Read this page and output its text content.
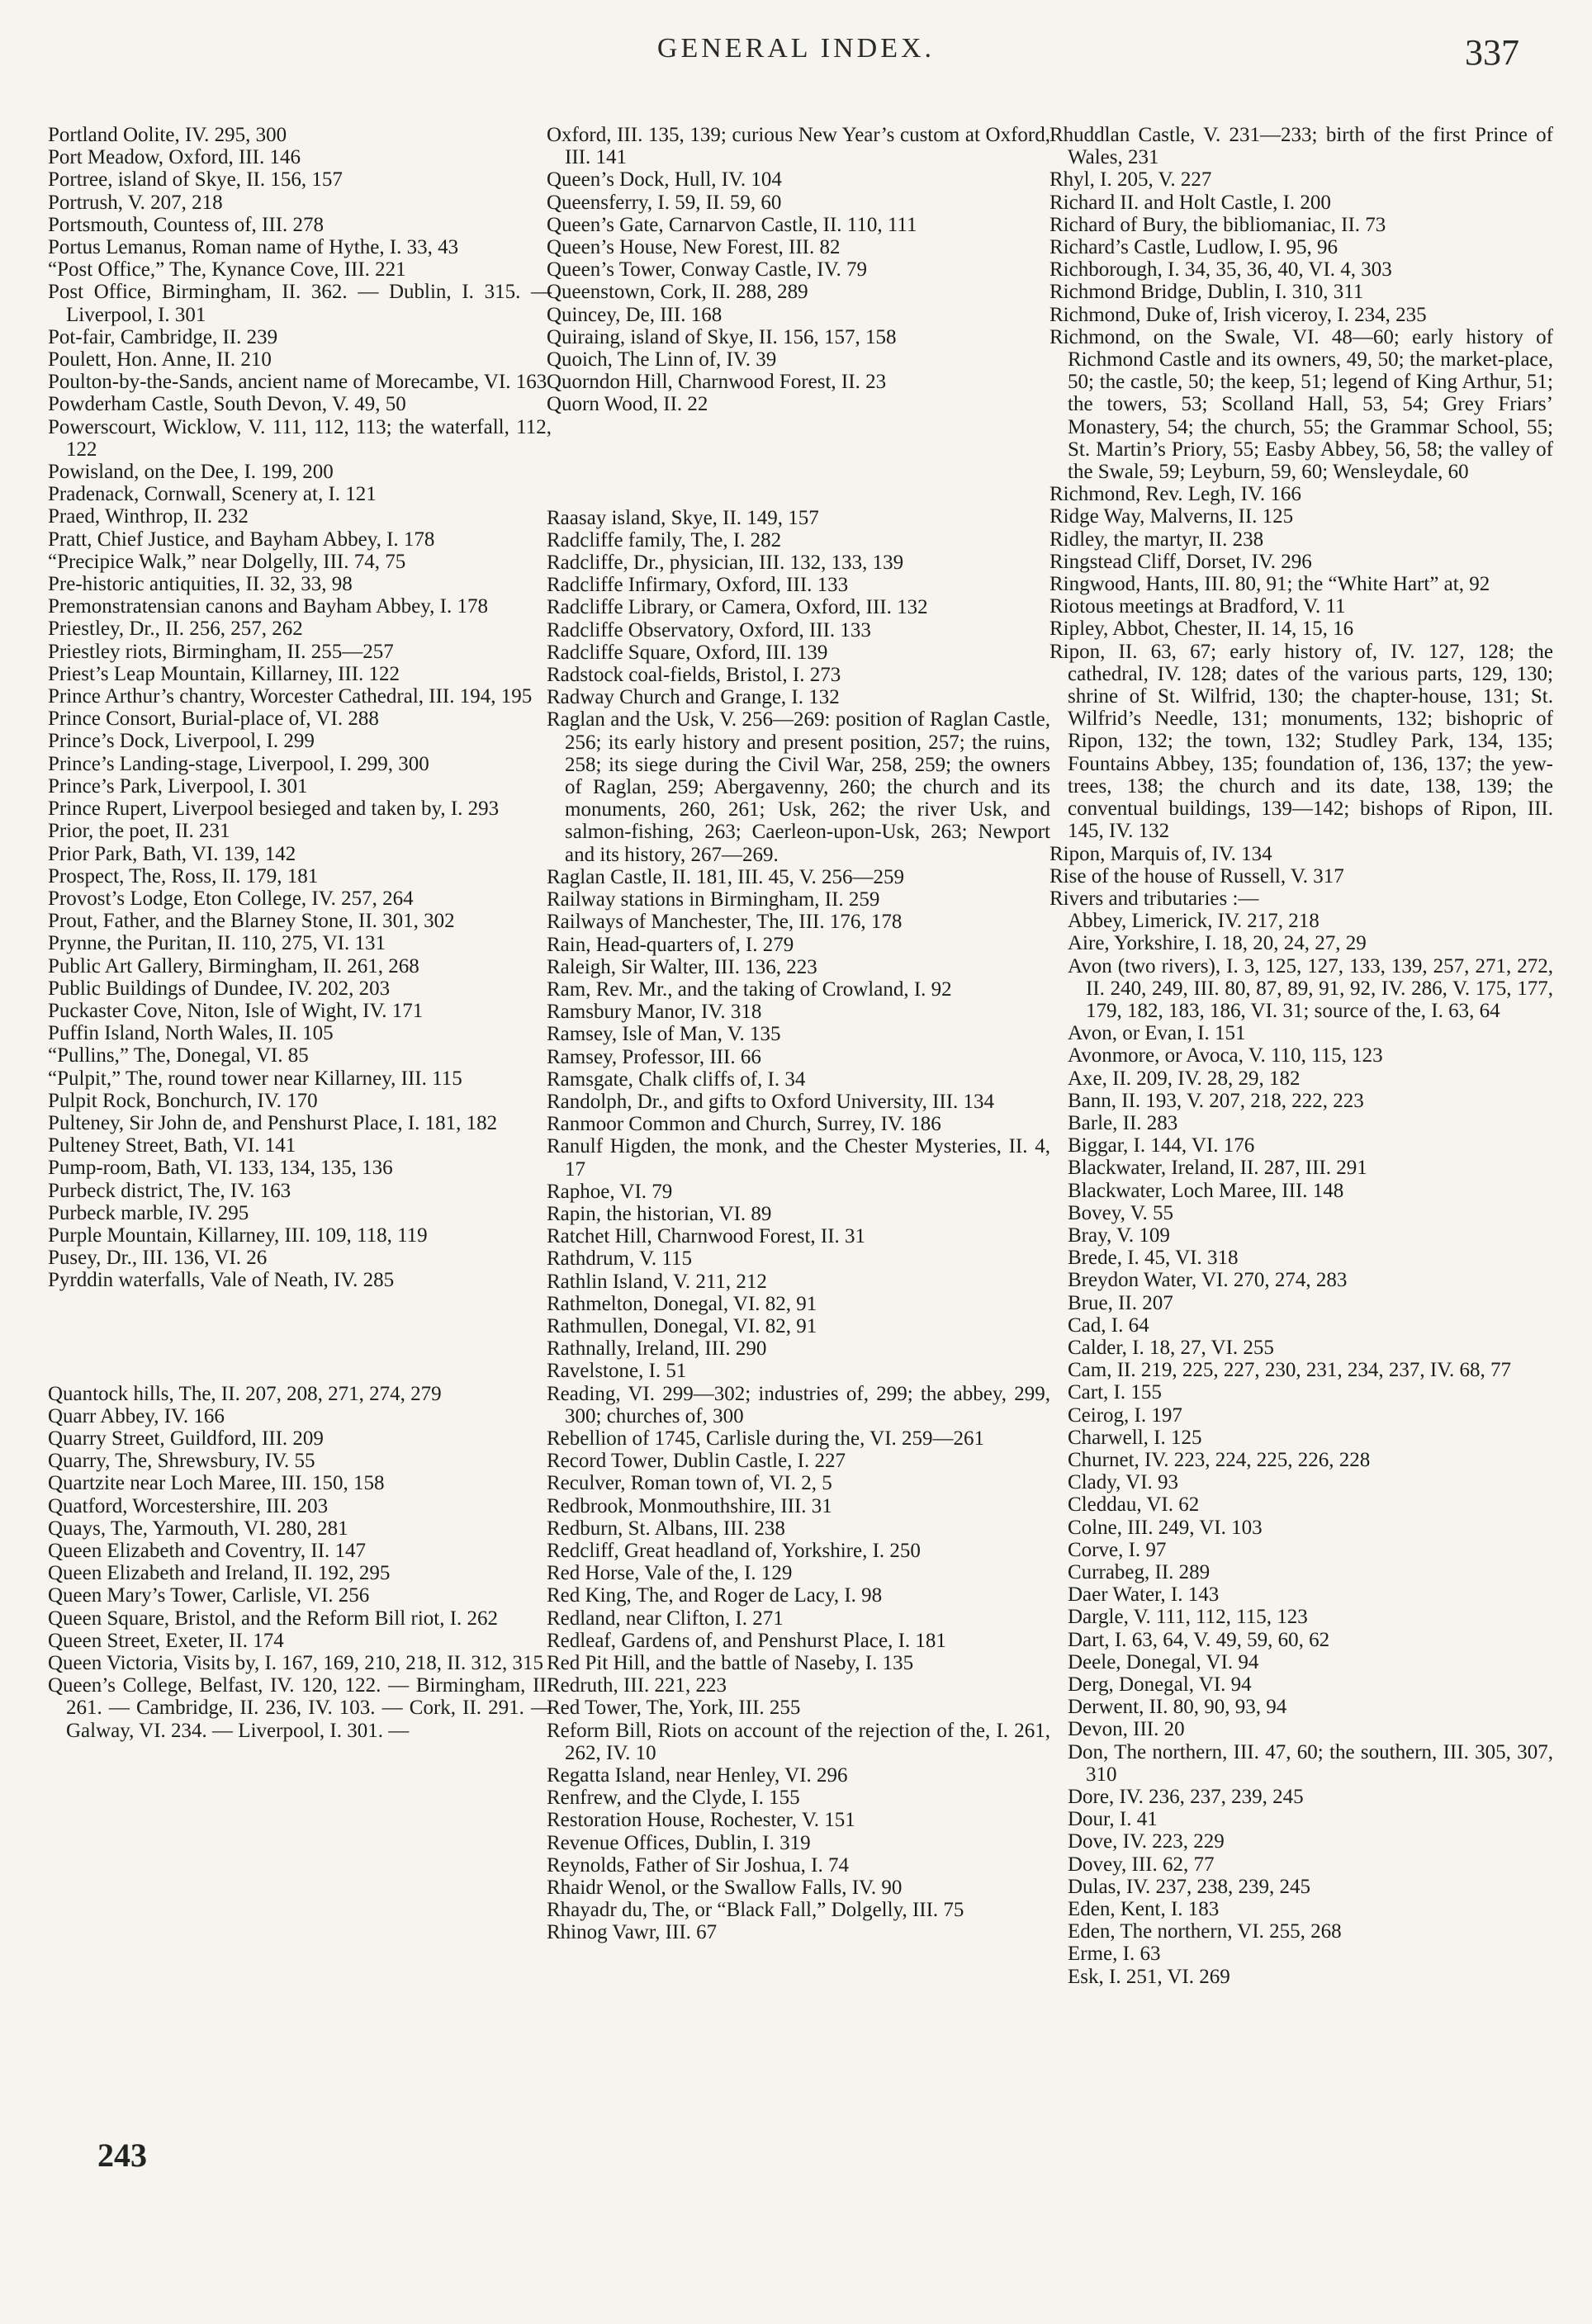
GENERAL INDEX.	337

Portland Oolite, IV. 295, 300

Port Meadow, Oxford, III. 146

Portree, island of Skye, II. 156, 157

Portrush, V. 207, 218

Portsmouth, Countess of, III. 278

Portus Lemanus, Roman name of Hythe, I. 33, 43

“Post Office,” The, Kynance Cove, III. 221

Post Office, Birmingham, II. 362. — Dublin, I. 315. — Liverpool, I. 301

Pot-fair, Cambridge, II. 239

Poulett, Hon. Anne, II. 210

Poulton-by-the-Sands, ancient name of Morecambe, VI. 163

Powderham Castle, South Devon, V. 49, 50

Powerscourt, Wicklow, V. 111, 112, 113; the waterfall, 112, 122

Powisland, on the Dee, I. 199, 200

Pradenack, Cornwall, Scenery at, I. 121

Praed, Winthrop, II. 232

Pratt, Chief Justice, and Bayham Abbey, I. 178

“Precipice Walk,” near Dolgelly, III. 74, 75

Pre-historic antiquities, II. 32, 33, 98

Premonstratensian canons and Bayham Abbey, I. 178

Priestley, Dr., II. 256, 257, 262

Priestley riots, Birmingham, II. 255—257

Priest’s Leap Mountain, Killarney, III. 122

Prince Arthur’s chantry, Worcester Cathedral, III. 194, 195

Prince Consort, Burial-place of, VI. 288

Prince’s Dock, Liverpool, I. 299

Prince’s Landing-stage, Liverpool, I. 299, 300

Prince’s Park, Liverpool, I. 301

Prince Rupert, Liverpool besieged and taken by, I. 293

Prior, the poet, II. 231

Prior Park, Bath, VI. 139, 142

Prospect, The, Ross, II. 179, 181

Provost’s Lodge, Eton College, IV. 257, 264

Prout, Father, and the Blarney Stone, II. 301, 302

Prynne, the Puritan, II. 110, 275, VI. 131

Public Art Gallery, Birmingham, II. 261, 268

Public Buildings of Dundee, IV. 202, 203

Puckaster Cove, Niton, Isle of Wight, IV. 171

Puffin Island, North Wales, II. 105

“Pullins,” The, Donegal, VI. 85

“Pulpit,” The, round tower near Killarney, III. 115

Pulpit Rock, Bonchurch, IV. 170

Pulteney, Sir John de, and Penshurst Place, I. 181, 182

Pulteney Street, Bath, VI. 141

Pump-room, Bath, VI. 133, 134, 135, 136

Purbeck district, The, IV. 163

Purbeck marble, IV. 295

Purple Mountain, Killarney, III. 109, 118, 119

Pusey, Dr., III. 136, VI. 26

Pyrddin waterfalls, Vale of Neath, IV. 285

Quantock hills, The, II. 207, 208, 271, 274, 279

Quarr Abbey, IV. 166

Quarry Street, Guildford, III. 209

Quarry, The, Shrewsbury, IV. 55

Quartzite near Loch Maree, III. 150, 158

Quatford, Worcestershire, III. 203

Quays, The, Yarmouth, VI. 280, 281

Queen Elizabeth and Coventry, II. 147

Queen Elizabeth and Ireland, II. 192, 295

Queen Mary’s Tower, Carlisle, VI. 256

Queen Square, Bristol, and the Reform Bill riot, I. 262

Queen Street, Exeter, II. 174

Queen Victoria, Visits by, I. 167, 169, 210, 218, II. 312, 315

Queen’s College, Belfast, IV. 120, 122. — Birmingham, II. 261. — Cambridge, II. 236, IV. 103. — Cork, II. 291. — Galway, VI. 234. — Liverpool, I. 301. —

Oxford, III. 135, 139; curious New Year’s custom at Oxford, III. 141

Queen’s Dock, Hull, IV. 104

Queensferry, I. 59, II. 59, 60

Queen’s Gate, Carnarvon Castle, II. 110, 111

Queen’s House, New Forest, III. 82

Queen’s Tower, Conway Castle, IV. 79

Queenstown, Cork, II. 288, 289

Quincey, De, III. 168

Quiraing, island of Skye, II. 156, 157, 158

Quoich, The Linn of, IV. 39

Quorndon Hill, Charnwood Forest, II. 23

Quorn Wood, II. 22

Raasay island, Skye, II. 149, 157

Radcliffe family, The, I. 282

Radcliffe, Dr., physician, III. 132, 133, 139

Radcliffe Infirmary, Oxford, III. 133

Radcliffe Library, or Camera, Oxford, III. 132

Radcliffe Observatory, Oxford, III. 133

Radcliffe Square, Oxford, III. 139

Radstock coal-fields, Bristol, I. 273

Radway Church and Grange, I. 132

Raglan and the Usk, V. 256—269: position of Raglan Castle, 256; its early history and present position, 257; the ruins, 258; its siege during the Civil War, 258, 259; the owners of Raglan, 259; Abergavenny, 260; the church and its monuments, 260, 261; Usk, 262; the river Usk, and salmon-fishing, 263; Caerleon-upon-Usk, 263; Newport and its history, 267—269.

Raglan Castle, II. 181, III. 45, V. 256—259

Railway stations in Birmingham, II. 259

Railways of Manchester, The, III. 176, 178

Rain, Head-quarters of, I. 279

Raleigh, Sir Walter, III. 136, 223

Ram, Rev. Mr., and the taking of Crowland, I. 92

Ramsbury Manor, IV. 318

Ramsey, Isle of Man, V. 135

Ramsey, Professor, III. 66

Ramsgate, Chalk cliffs of, I. 34

Randolph, Dr., and gifts to Oxford University, III. 134

Ranmoor Common and Church, Surrey, IV. 186

Ranulf Higden, the monk, and the Chester Mysteries, II. 4, 17

Raphoe, VI. 79

Rapin, the historian, VI. 89

Ratchet Hill, Charnwood Forest, II. 31

Rathdrum, V. 115

Rathlin Island, V. 211, 212

Rathmelton, Donegal, VI. 82, 91

Rathmullen, Donegal, VI. 82, 91

Rathnally, Ireland, III. 290

Ravelstone, I. 51

Reading, VI. 299—302; industries of, 299; the abbey, 299, 300; churches of, 300

Rebellion of 1745, Carlisle during the, VI. 259—261

Record Tower, Dublin Castle, I. 227

Reculver, Roman town of, VI. 2, 5

Redbrook, Monmouthshire, III. 31

Redburn, St. Albans, III. 238

Redcliff, Great headland of, Yorkshire, I. 250

Red Horse, Vale of the, I. 129

Red King, The, and Roger de Lacy, I. 98

Redland, near Clifton, I. 271

Redleaf, Gardens of, and Penshurst Place, I. 181

Red Pit Hill, and the battle of Naseby, I. 135

Redruth, III. 221, 223

Red Tower, The, York, III. 255

Reform Bill, Riots on account of the rejection of the, I. 261, 262, IV. 10

Regatta Island, near Henley, VI. 296

Renfrew, and the Clyde, I. 155

Restoration House, Rochester, V. 151

Revenue Offices, Dublin, I. 319

Reynolds, Father of Sir Joshua, I. 74

Rhaidr Wenol, or the Swallow Falls, IV. 90

Rhayadr du, The, or “Black Fall,” Dolgelly, III. 75

Rhinog Vawr, III. 67

Rhuddlan Castle, V. 231—233; birth of the first Prince of Wales, 231

Rhyl, I. 205, V. 227

Richard II. and Holt Castle, I. 200

Richard of Bury, the bibliomaniac, II. 73

Richard’s Castle, Ludlow, I. 95, 96

Richborough, I. 34, 35, 36, 40, VI. 4, 303

Richmond Bridge, Dublin, I. 310, 311

Richmond, Duke of, Irish viceroy, I. 234, 235

Richmond, on the Swale, VI. 48—60; early history of Richmond Castle and its owners, 49, 50; the market-place, 50; the castle, 50; the keep, 51; legend of King Arthur, 51; the towers, 53; Scolland Hall, 53, 54; Grey Friars’ Monastery, 54; the church, 55; the Grammar School, 55; St. Martin’s Priory, 55; Easby Abbey, 56, 58; the valley of the Swale, 59; Leyburn, 59, 60; Wensleydale, 60

Richmond, Rev. Legh, IV. 166

Ridge Way, Malverns, II. 125

Ridley, the martyr, II. 238

Ringstead Cliff, Dorset, IV. 296

Ringwood, Hants, III. 80, 91; the “White Hart” at, 92

Riotous meetings at Bradford, V. 11

Ripley, Abbot, Chester, II. 14, 15, 16

Ripon, II. 63, 67; early history of, IV. 127, 128; the cathedral, IV. 128; dates of the various parts, 129, 130; shrine of St. Wilfrid, 130; the chapter-house, 131; St. Wilfrid’s Needle, 131; monuments, 132; bishopric of Ripon, 132; the town, 132; Studley Park, 134, 135; Fountains Abbey, 135; foundation of, 136, 137; the yew-trees, 138; the church and its date, 138, 139; the conventual buildings, 139—142; bishops of Ripon, III. 145, IV. 132

Ripon, Marquis of, IV. 134

Rise of the house of Russell, V. 317

Rivers and tributaries :—

Abbey, Limerick, IV. 217, 218

Aire, Yorkshire, I. 18, 20, 24, 27, 29

Avon (two rivers), I. 3, 125, 127, 133, 139, 257, 271, 272, II. 240, 249, III. 80, 87, 89, 91, 92, IV. 286, V. 175, 177, 179, 182, 183, 186, VI. 31; source of the, I. 63, 64

Avon, or Evan, I. 151

Avonmore, or Avoca, V. 110, 115, 123

Axe, II. 209, IV. 28, 29, 182

Bann, II. 193, V. 207, 218, 222, 223

Barle, II. 283

Biggar, I. 144, VI. 176

Blackwater, Ireland, II. 287, III. 291

Blackwater, Loch Maree, III. 148

Bovey, V. 55

Bray, V. 109

Brede, I. 45, VI. 318

Breydon Water, VI. 270, 274, 283

Brue, II. 207

Cad, I. 64

Calder, I. 18, 27, VI. 255

Cam, II. 219, 225, 227, 230, 231, 234, 237, IV. 68, 77

Cart, I. 155

Ceirog, I. 197

Charwell, I. 125

Churnet, IV. 223, 224, 225, 226, 228

Clady, VI. 93

Cleddau, VI. 62

Colne, III. 249, VI. 103

Corve, I. 97

Currabeg, II. 289

Daer Water, I. 143

Dargle, V. 111, 112, 115, 123

Dart, I. 63, 64, V. 49, 59, 60, 62

Deele, Donegal, VI. 94

Derg, Donegal, VI. 94

Derwent, II. 80, 90, 93, 94

Devon, III. 20

Don, The northern, III. 47, 60; the southern, III. 305, 307, 310

Dore, IV. 236, 237, 239, 245

Dour, I. 41

Dove, IV. 223, 229

Dovey, III. 62, 77

Dulas, IV. 237, 238, 239, 245

Eden, Kent, I. 183

Eden, The northern, VI. 255, 268

Erme, I. 63

Esk, I. 251, VI. 269

243
